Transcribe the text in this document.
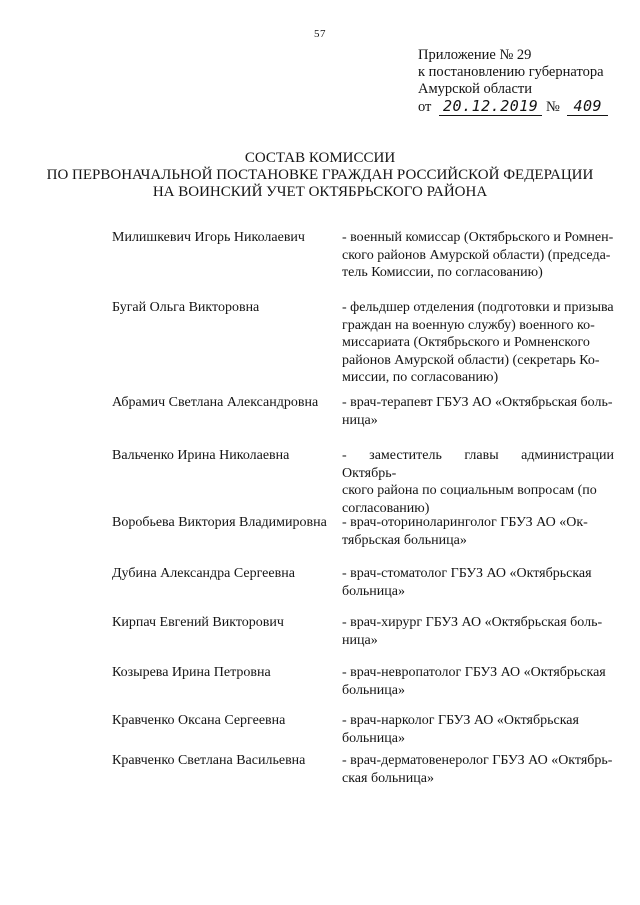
57
Приложение № 29
к постановлению губернатора
Амурской области
от 20.12.2019 № 409
СОСТАВ КОМИССИИ
ПО ПЕРВОНАЧАЛЬНОЙ ПОСТАНОВКЕ ГРАЖДАН РОССИЙСКОЙ ФЕДЕРАЦИИ
НА ВОИНСКИЙ УЧЕТ ОКТЯБРЬСКОГО РАЙОНА
Милишкевич Игорь Николаевич	- военный комиссар (Октябрьского и Ромнен-
ского районов Амурской области) (председа-
тель Комиссии, по согласованию)
Бугай Ольга Викторовна	- фельдшер отделения (подготовки и призыва
граждан на военную службу) военного ко-
миссариата (Октябрьского и Ромненского
районов Амурской области) (секретарь Ко-
миссии, по согласованию)
Абрамич Светлана Александровна	- врач-терапевт ГБУЗ АО «Октябрьская боль-
ница»
Вальченко Ирина Николаевна	- заместитель главы администрации Октябрь-
ского района по социальным вопросам (по
согласованию)
Воробьева Виктория Владимировна	- врач-оториноларинголог ГБУЗ АО «Ок-
тябрьская больница»
Дубина Александра Сергеевна	- врач-стоматолог ГБУЗ АО «Октябрьская
больница»
Кирпач Евгений Викторович	- врач-хирург ГБУЗ АО «Октябрьская боль-
ница»
Козырева Ирина Петровна	- врач-невропатолог ГБУЗ АО «Октябрьская
больница»
Кравченко Оксана Сергеевна	- врач-нарколог ГБУЗ АО «Октябрьская
больница»
Кравченко Светлана Васильевна	- врач-дерматовенеролог ГБУЗ АО «Октябрь-
ская больница»
